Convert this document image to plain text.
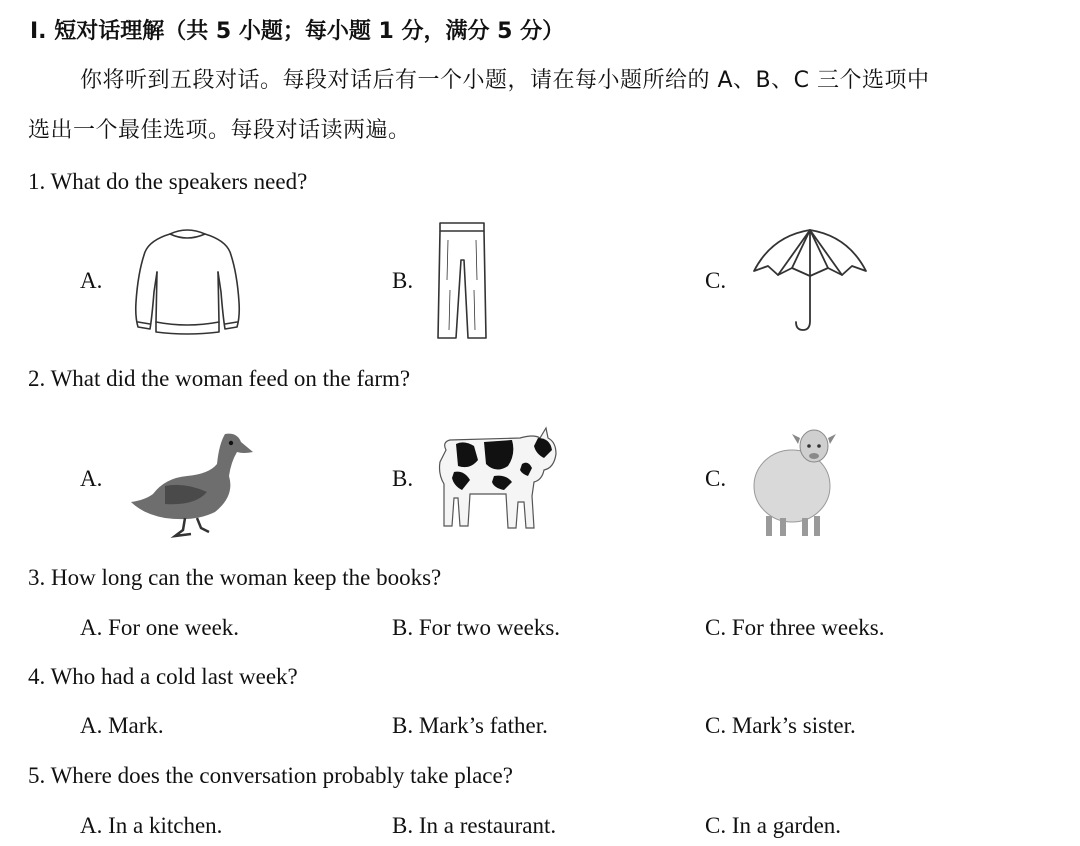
Ⅰ. 短对话理解（共 5 小题；每小题 1 分，满分 5 分）
你将听到五段对话。每段对话后有一个小题，请在每小题所给的 A、B、C 三个选项中
选出一个最佳选项。每段对话读两遍。
1. What do the speakers need?
A.	B.	C.
2. What did the woman feed on the farm?
A.	B.	C.
3. How long can the woman keep the books?
A. For one week.	B. For two weeks.	C. For three weeks.
4. Who had a cold last week?
A. Mark.	B. Mark’s father.	C. Mark’s sister.
5. Where does the conversation probably take place?
A. In a kitchen.	B. In a restaurant.	C. In a garden.
